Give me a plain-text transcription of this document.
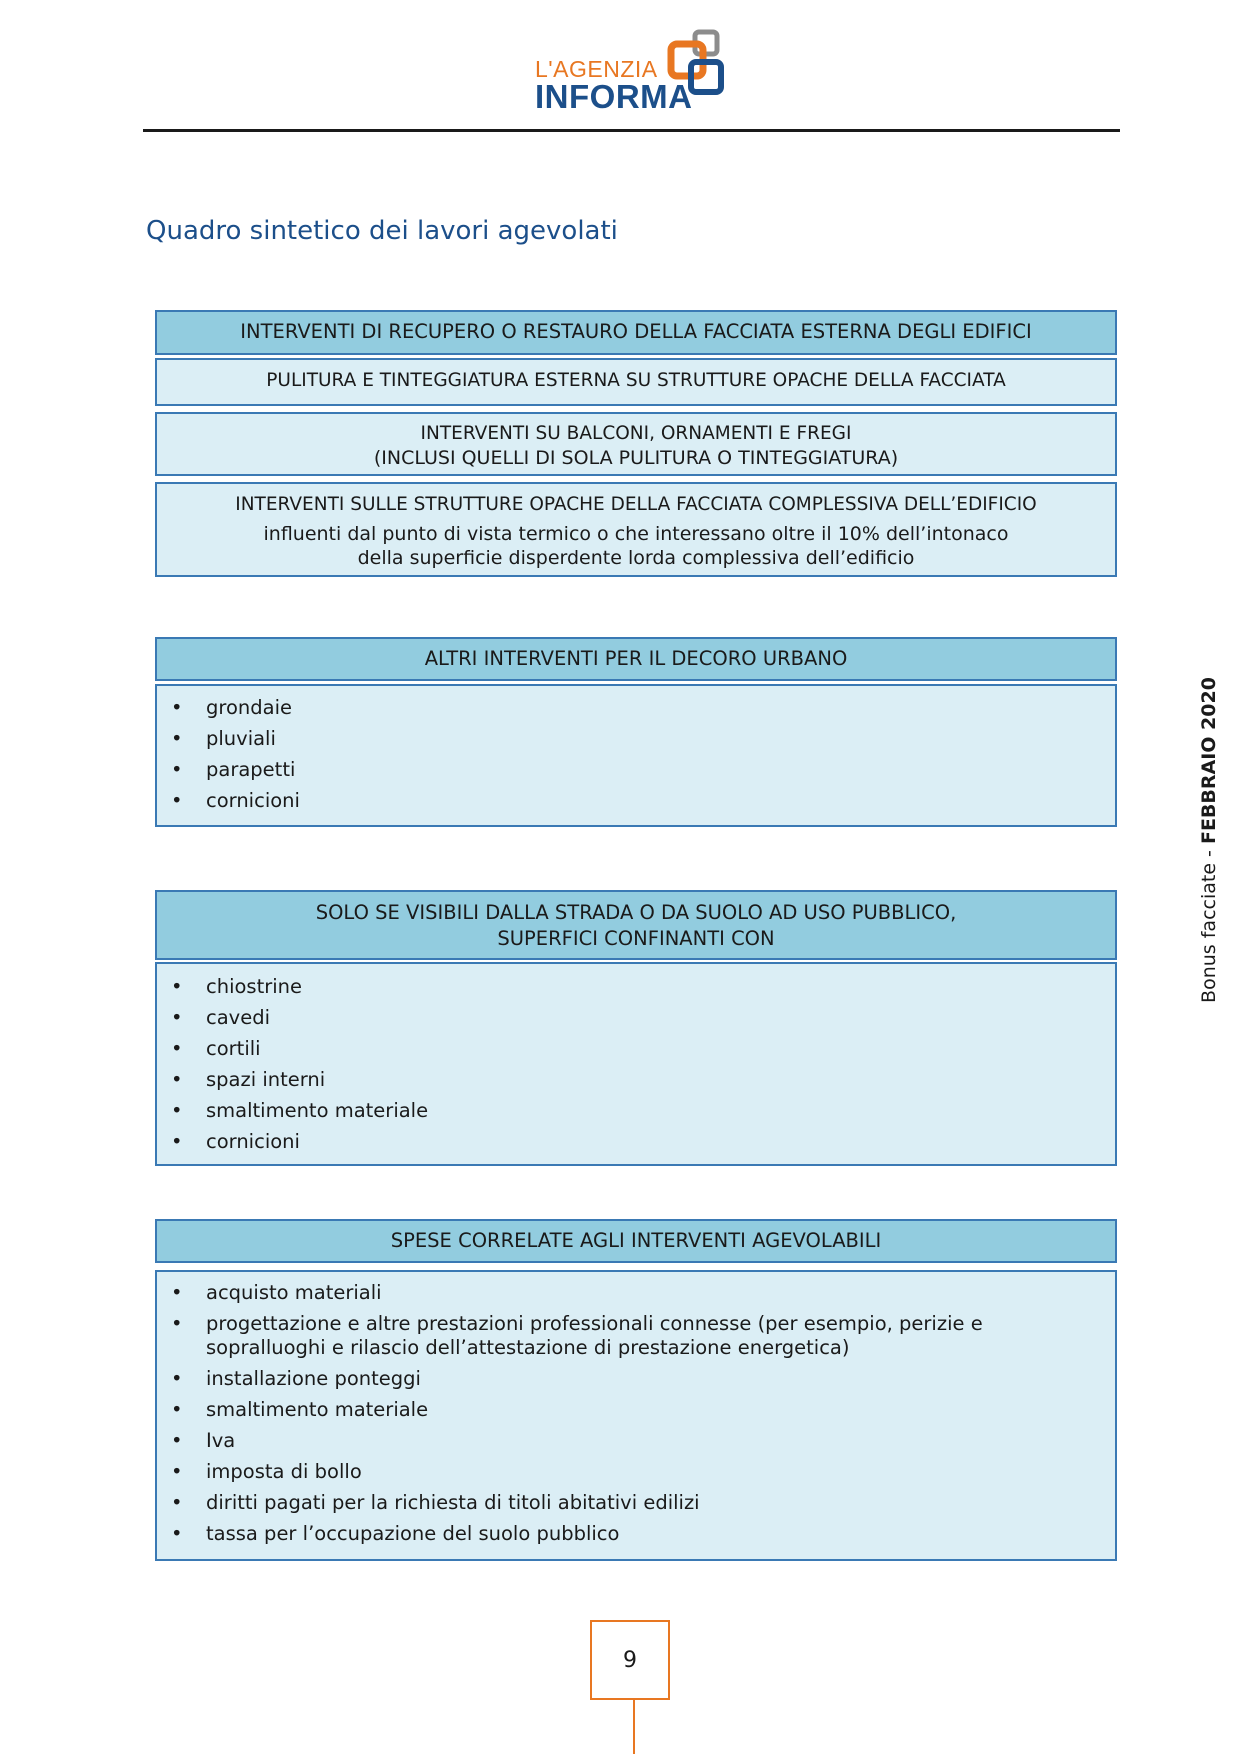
L'AGENZIA
INFORMA
Quadro sintetico dei lavori agevolati
INTERVENTI DI RECUPERO O RESTAURO DELLA FACCIATA ESTERNA DEGLI EDIFICI
PULITURA E TINTEGGIATURA ESTERNA SU STRUTTURE OPACHE DELLA FACCIATA
INTERVENTI SU BALCONI, ORNAMENTI E FREGI
(INCLUSI QUELLI DI SOLA PULITURA O TINTEGGIATURA)
INTERVENTI SULLE STRUTTURE OPACHE DELLA FACCIATA COMPLESSIVA DELL’EDIFICIO
influenti dal punto di vista termico o che interessano oltre il 10% dell’intonaco
della superficie disperdente lorda complessiva dell’edificio
ALTRI INTERVENTI PER IL DECORO URBANO
• grondaie
• pluviali
• parapetti
• cornicioni
SOLO SE VISIBILI DALLA STRADA O DA SUOLO AD USO PUBBLICO,
SUPERFICI CONFINANTI CON
• chiostrine
• cavedi
• cortili
• spazi interni
• smaltimento materiale
• cornicioni
SPESE CORRELATE AGLI INTERVENTI AGEVOLABILI
• acquisto materiali
• progettazione e altre prestazioni professionali connesse (per esempio, perizie e sopralluoghi e rilascio dell’attestazione di prestazione energetica)
• installazione ponteggi
• smaltimento materiale
• Iva
• imposta di bollo
• diritti pagati per la richiesta di titoli abitativi edilizi
• tassa per l’occupazione del suolo pubblico
Bonus facciate - FEBBRAIO 2020
9
